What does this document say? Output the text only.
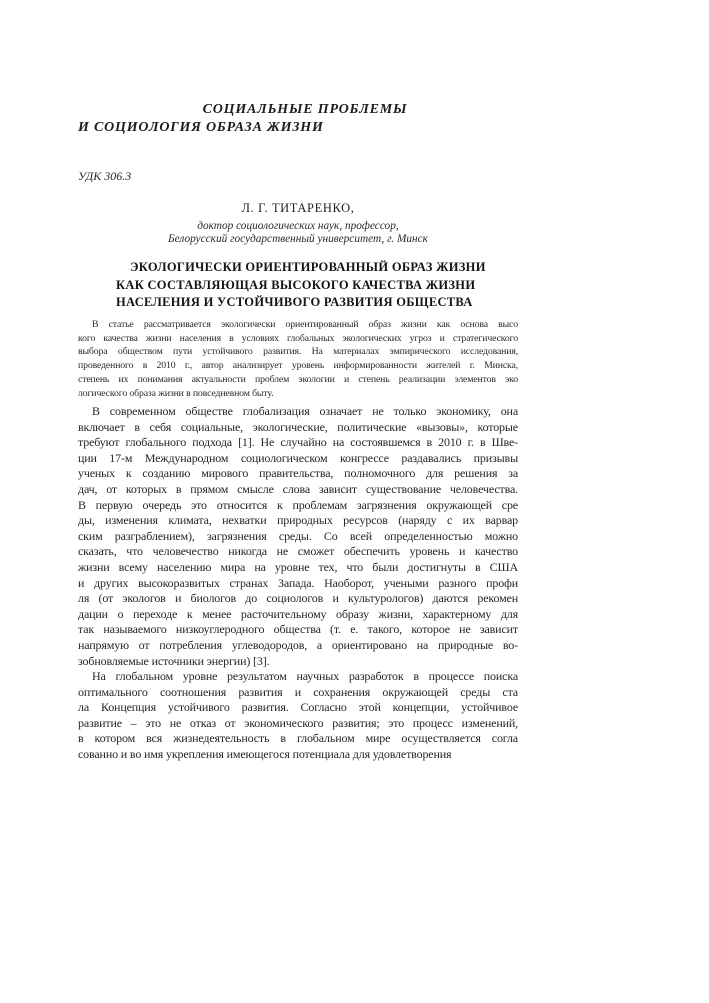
СОЦИАЛЬНЫЕ ПРОБЛЕМЫ
И СОЦИОЛОГИЯ ОБРАЗА ЖИЗНИ
УДК 306.3
Л. Г. ТИТАРЕНКО,
доктор социологических наук, профессор,
Белорусский государственный университет, г. Минск
ЭКОЛОГИЧЕСКИ ОРИЕНТИРОВАННЫЙ ОБРАЗ ЖИЗНИ
КАК СОСТАВЛЯЮЩАЯ ВЫСОКОГО КАЧЕСТВА ЖИЗНИ
НАСЕЛЕНИЯ И УСТОЙЧИВОГО РАЗВИТИЯ ОБЩЕСТВА
В статье рассматривается экологически ориентированный образ жизни как основа высо
кого качества жизни населения в условиях глобальных экологических угроз и стратегического
выбора обществом пути устойчивого развития. На материалах эмпирического исследования,
проведенного в 2010 г., автор анализирует уровень информированности жителей г. Минска,
степень их понимания актуальности проблем экологии и степень реализации элементов эко
логического образа жизни в повседневном быту.
В современном обществе глобализация означает не только экономику, она
включает в себя социальные, экологические, политические «вызовы», которые
требуют глобального подхода [1]. Не случайно на состоявшемся в 2010 г. в Шве-
ции 17-м Международном социологическом конгрессе раздавались призывы
ученых к созданию мирового правительства, полномочного для решения за
дач, от которых в прямом смысле слова зависит существование человечества.
В первую очередь это относится к проблемам загрязнения окружающей сре
ды, изменения климата, нехватки природных ресурсов (наряду с их варвар
ским разграблением), загрязнения среды. Со всей определенностью можно
сказать, что человечество никогда не сможет обеспечить уровень и качество
жизни всему населению мира на уровне тех, что были достигнуты в США
и других высокоразвитых странах Запада. Наоборот, учеными разного профи
ля (от экологов и биологов до социологов и культурологов) даются рекомен
дации о переходе к менее расточительному образу жизни, характерному для
так называемого низкоуглеродного общества (т. е. такого, которое не зависит
напрямую от потребления углеводородов, а ориентировано на природные во-
зобновляемые источники энергии) [3].
На глобальном уровне результатом научных разработок в процессе поиска
оптимального соотношения развития и сохранения окружающей среды ста
ла Концепция устойчивого развития. Согласно этой концепции, устойчивое
развитие – это не отказ от экономического развития; это процесс изменений,
в котором вся жизнедеятельность в глобальном мире осуществляется согла
сованно и во имя укрепления имеющегося потенциала для удовлетворения
